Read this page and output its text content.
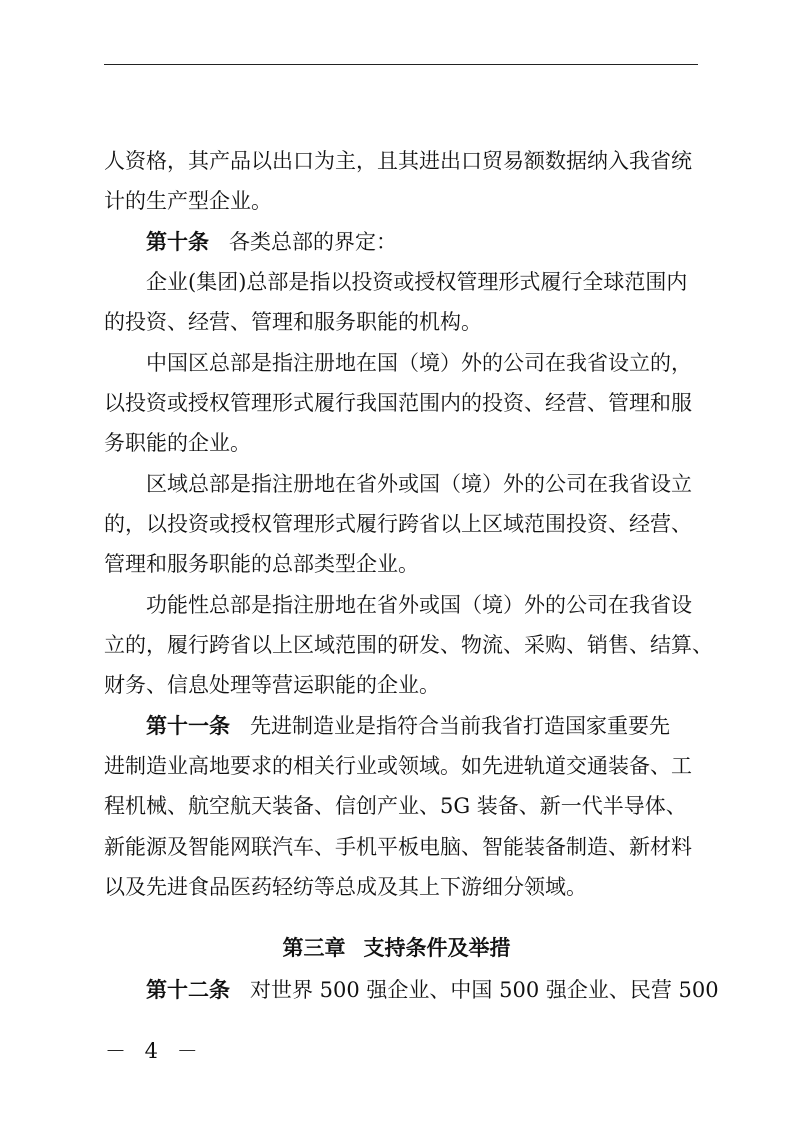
人资格，其产品以出口为主，且其进出口贸易额数据纳入我省统
计的生产型企业。
第十条 各类总部的界定：
企业(集团)总部是指以投资或授权管理形式履行全球范围内
的投资、经营、管理和服务职能的机构。
中国区总部是指注册地在国（境）外的公司在我省设立的，
以投资或授权管理形式履行我国范围内的投资、经营、管理和服
务职能的企业。
区域总部是指注册地在省外或国（境）外的公司在我省设立
的，以投资或授权管理形式履行跨省以上区域范围投资、经营、
管理和服务职能的总部类型企业。
功能性总部是指注册地在省外或国（境）外的公司在我省设
立的，履行跨省以上区域范围的研发、物流、采购、销售、结算、
财务、信息处理等营运职能的企业。
第十一条 先进制造业是指符合当前我省打造国家重要先
进制造业高地要求的相关行业或领域。如先进轨道交通装备、工
程机械、航空航天装备、信创产业、5G 装备、新一代半导体、
新能源及智能网联汽车、手机平板电脑、智能装备制造、新材料
以及先进食品医药轻纺等总成及其上下游细分领域。
第三章 支持条件及举措
第十二条 对世界 500 强企业、中国 500 强企业、民营 500
－ 4 －
